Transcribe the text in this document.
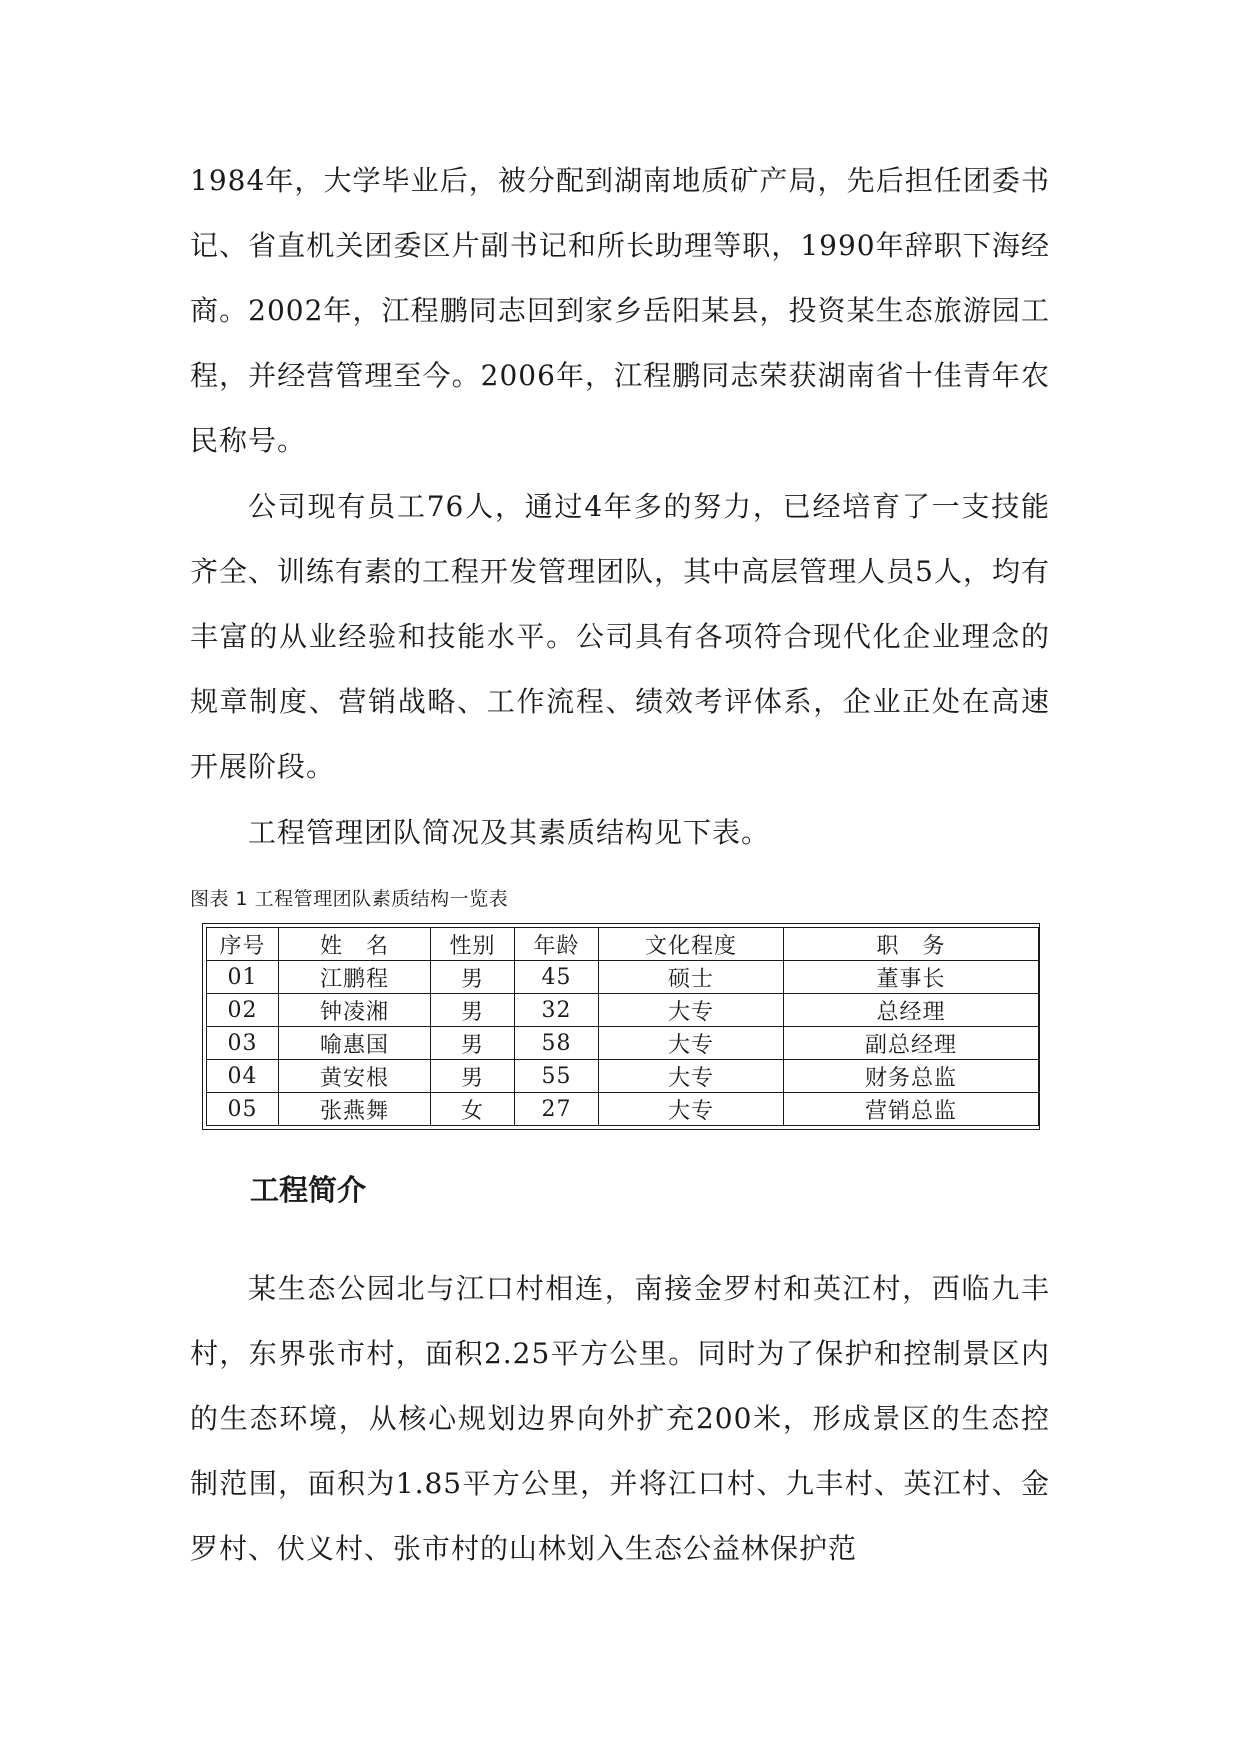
1984年，大学毕业后，被分配到湖南地质矿产局，先后担任团委书记、省直机关团委区片副书记和所长助理等职，1990年辞职下海经商。2002年，江程鹏同志回到家乡岳阳某县，投资某生态旅游园工程，并经营管理至今。2006年，江程鹏同志荣获湖南省十佳青年农民称号。

公司现有员工76人，通过4年多的努力，已经培育了一支技能齐全、训练有素的工程开发管理团队，其中高层管理人员5人，均有丰富的从业经验和技能水平。公司具有各项符合现代化企业理念的规章制度、营销战略、工作流程、绩效考评体系，企业正处在高速开展阶段。

工程管理团队简况及其素质结构见下表。

图表 1 工程管理团队素质结构一览表

序号	姓　名	性别	年龄	文化程度	职　务
01	江鹏程	男	45	硕士	董事长
02	钟凌湘	男	32	大专	总经理
03	喻惠国	男	58	大专	副总经理
04	黄安根	男	55	大专	财务总监
05	张燕舞	女	27	大专	营销总监
工程简介

某生态公园北与江口村相连，南接金罗村和英江村，西临九丰村，东界张市村，面积2.25平方公里。同时为了保护和控制景区内的生态环境，从核心规划边界向外扩充200米，形成景区的生态控制范围，面积为1.85平方公里，并将江口村、九丰村、英江村、金罗村、伏义村、张市村的山林划入生态公益林保护范
